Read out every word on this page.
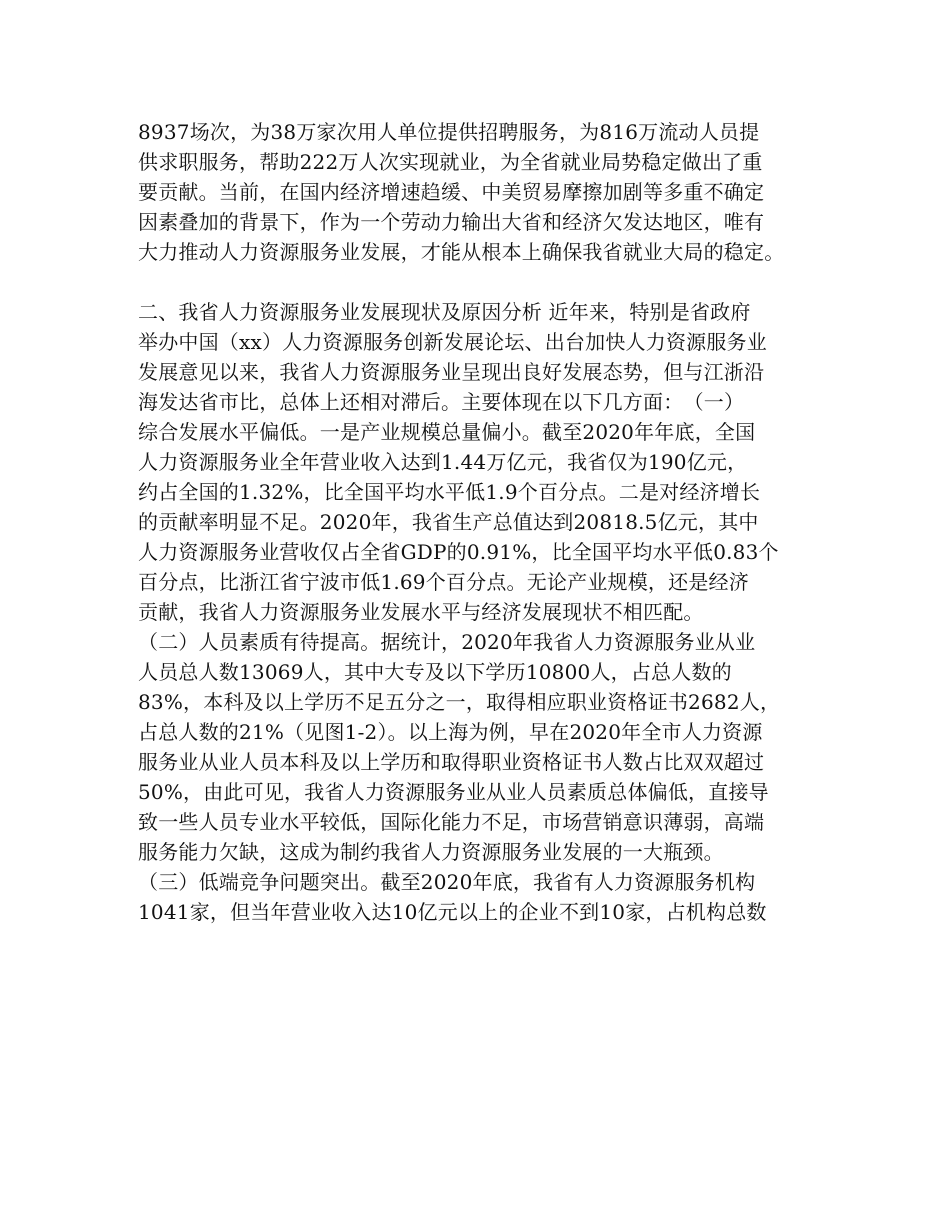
8937场次，为38万家次用人单位提供招聘服务，为816万流动人员提
供求职服务，帮助222万人次实现就业，为全省就业局势稳定做出了重
要贡献。当前，在国内经济增速趋缓、中美贸易摩擦加剧等多重不确定
因素叠加的背景下，作为一个劳动力输出大省和经济欠发达地区，唯有
大力推动人力资源服务业发展，才能从根本上确保我省就业大局的稳定。
二、我省人力资源服务业发展现状及原因分析 近年来，特别是省政府
举办中国（xx）人力资源服务创新发展论坛、出台加快人力资源服务业
发展意见以来，我省人力资源服务业呈现出良好发展态势，但与江浙沿
海发达省市比，总体上还相对滞后。主要体现在以下几方面：　（一）
综合发展水平偏低。一是产业规模总量偏小。截至2020年年底，全国
人力资源服务业全年营业收入达到1.44万亿元，我省仅为190亿元，
约占全国的1.32%，比全国平均水平低1.9个百分点。二是对经济增长
的贡献率明显不足。2020年，我省生产总值达到20818.5亿元，其中
人力资源服务业营收仅占全省GDP的0.91%，比全国平均水平低0.83个
百分点，比浙江省宁波市低1.69个百分点。无论产业规模，还是经济
贡献，我省人力资源服务业发展水平与经济发展现状不相匹配。
（二）人员素质有待提高。据统计，2020年我省人力资源服务业从业
人员总人数13069人，其中大专及以下学历10800人，占总人数的
83%，本科及以上学历不足五分之一，取得相应职业资格证书2682人，
占总人数的21%（见图1-2）。以上海为例，早在2020年全市人力资源
服务业从业人员本科及以上学历和取得职业资格证书人数占比双双超过
50%，由此可见，我省人力资源服务业从业人员素质总体偏低，直接导
致一些人员专业水平较低，国际化能力不足，市场营销意识薄弱，高端
服务能力欠缺，这成为制约我省人力资源服务业发展的一大瓶颈。
（三）低端竞争问题突出。截至2020年底，我省有人力资源服务机构
1041家，但当年营业收入达10亿元以上的企业不到10家，占机构总数
